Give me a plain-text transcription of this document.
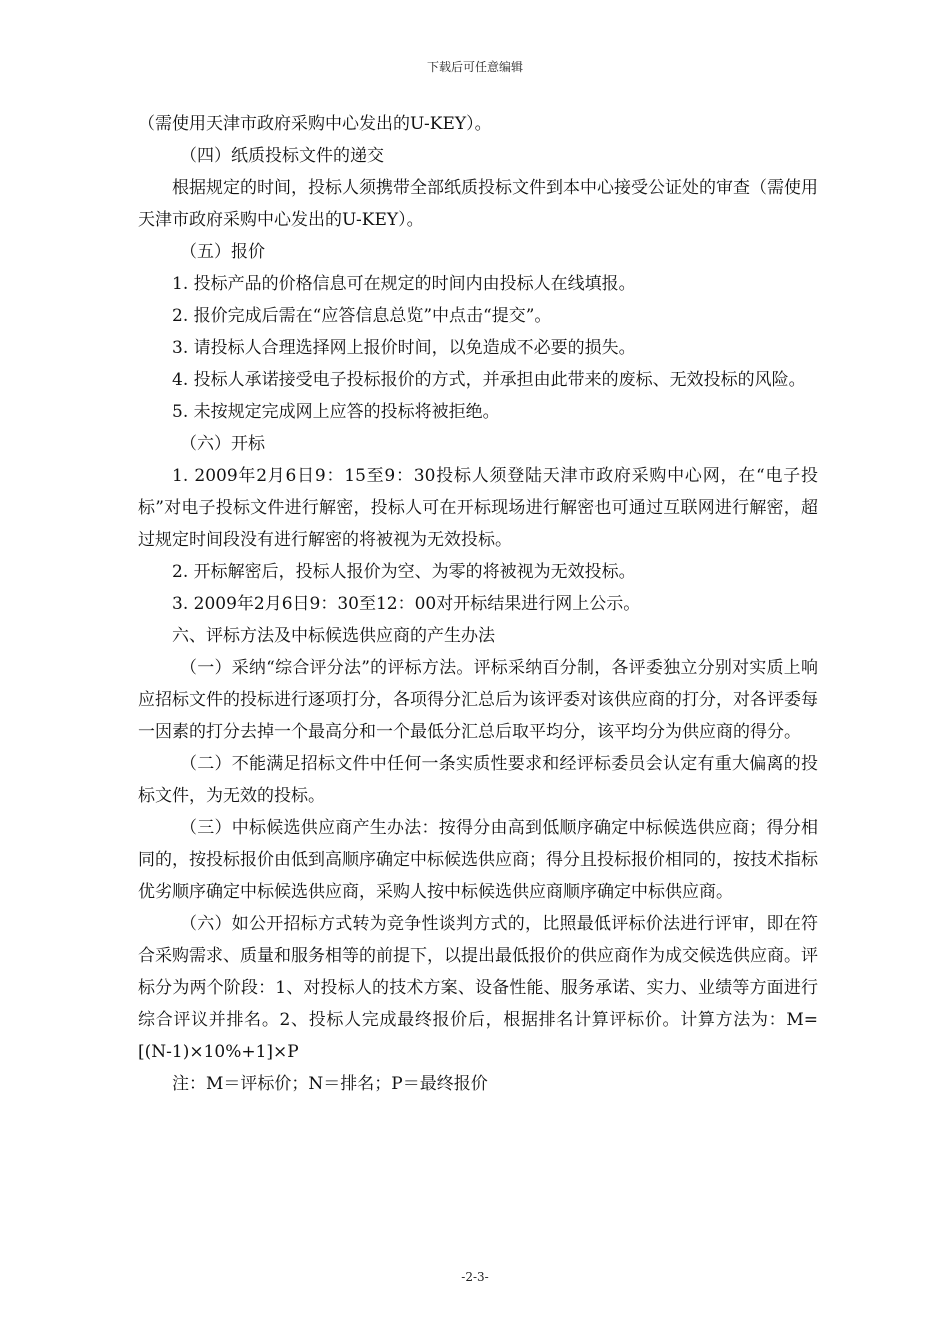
下载后可任意编辑

（需使用天津市政府采购中心发出的U-KEY）。

（四）纸质投标文件的递交

根据规定的时间，投标人须携带全部纸质投标文件到本中心接受公证处的审查（需使用天津市政府采购中心发出的U-KEY）。

（五）报价

1. 投标产品的价格信息可在规定的时间内由投标人在线填报。

2. 报价完成后需在“应答信息总览”中点击“提交”。

3. 请投标人合理选择网上报价时间，以免造成不必要的损失。

4. 投标人承诺接受电子投标报价的方式，并承担由此带来的废标、无效投标的风险。

5. 未按规定完成网上应答的投标将被拒绝。

（六）开标

1. 2009年2月6日9：15至9：30投标人须登陆天津市政府采购中心网，在“电子投标”对电子投标文件进行解密，投标人可在开标现场进行解密也可通过互联网进行解密，超过规定时间段没有进行解密的将被视为无效投标。

2. 开标解密后，投标人报价为空、为零的将被视为无效投标。

3. 2009年2月6日9：30至12：00对开标结果进行网上公示。

六、评标方法及中标候选供应商的产生办法

（一）采纳“综合评分法”的评标方法。评标采纳百分制，各评委独立分别对实质上响应招标文件的投标进行逐项打分，各项得分汇总后为该评委对该供应商的打分，对各评委每一因素的打分去掉一个最高分和一个最低分汇总后取平均分，该平均分为供应商的得分。

（二）不能满足招标文件中任何一条实质性要求和经评标委员会认定有重大偏离的投标文件，为无效的投标。

（三）中标候选供应商产生办法：按得分由高到低顺序确定中标候选供应商；得分相同的，按投标报价由低到高顺序确定中标候选供应商；得分且投标报价相同的，按技术指标优劣顺序确定中标候选供应商，采购人按中标候选供应商顺序确定中标供应商。

（六）如公开招标方式转为竞争性谈判方式的，比照最低评标价法进行评审，即在符合采购需求、质量和服务相等的前提下，以提出最低报价的供应商作为成交候选供应商。评标分为两个阶段：1、对投标人的技术方案、设备性能、服务承诺、实力、业绩等方面进行综合评议并排名。2、投标人完成最终报价后，根据排名计算评标价。计算方法为：M=[(N-1)×10%+1]×P

注：M＝评标价；N＝排名；P＝最终报价

-2-3-
